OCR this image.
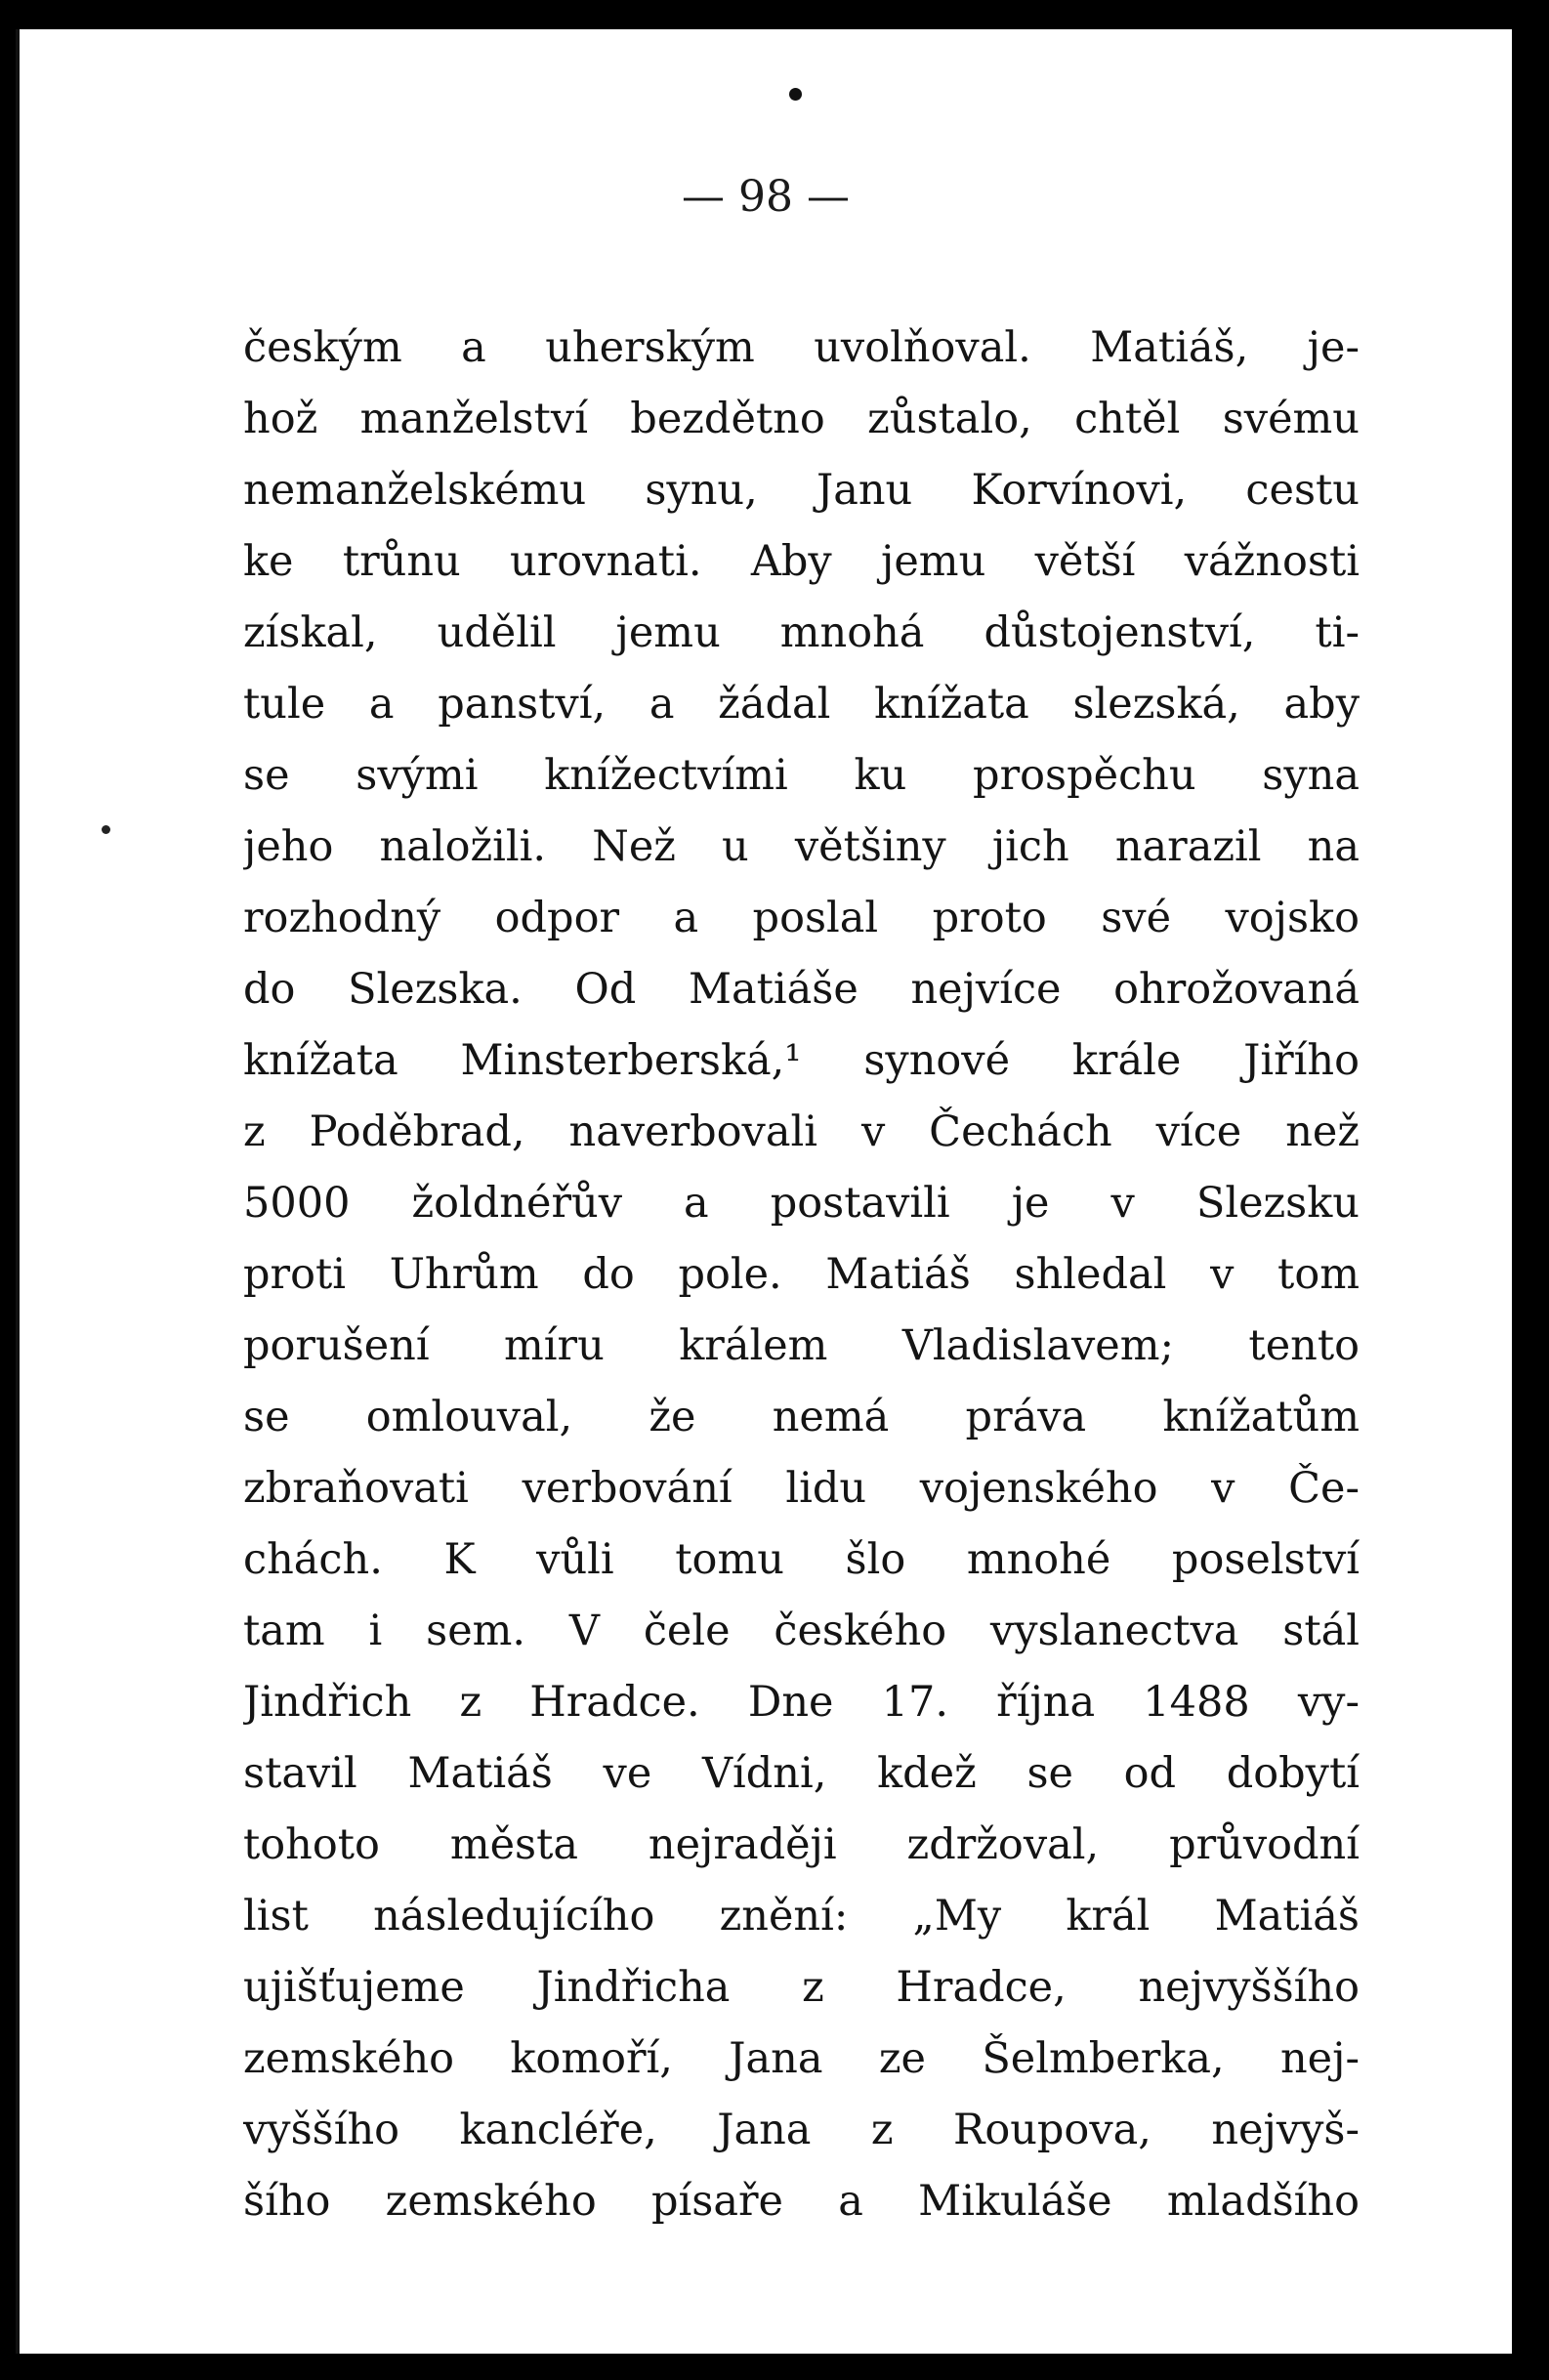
— 98 —
českým a uherským uvolňoval. Matiáš, je-
hož manželství bezdětno zůstalo, chtěl svému
nemanželskému synu, Janu Korvínovi, cestu
ke trůnu urovnati. Aby jemu větší vážnosti
získal, udělil jemu mnohá důstojenství, ti-
tule a panství, a žádal knížata slezská, aby
se svými knížectvími ku prospěchu syna
jeho naložili. Než u většiny jich narazil na
rozhodný odpor a poslal proto své vojsko
do Slezska. Od Matiáše nejvíce ohrožovaná
knížata Minsterberská,¹ synové krále Jiřího
z Poděbrad, naverbovali v Čechách více než
5000 žoldnéřův a postavili je v Slezsku
proti Uhrům do pole. Matiáš shledal v tom
porušení míru králem Vladislavem; tento
se omlouval, že nemá práva knížatům
zbraňovati verbování lidu vojenského v Če-
chách. K vůli tomu šlo mnohé poselství
tam i sem. V čele českého vyslanectva stál
Jindřich z Hradce. Dne 17. října 1488 vy-
stavil Matiáš ve Vídni, kdež se od dobytí
tohoto města nejraději zdržoval, průvodní
list následujícího znění: „My král Matiáš
ujišťujeme Jindřicha z Hradce, nejvyššího
zemského komoří, Jana ze Šelmberka, nej-
vyššího kancléře, Jana z Roupova, nejvyš-
šího zemského písaře a Mikuláše mladšího
